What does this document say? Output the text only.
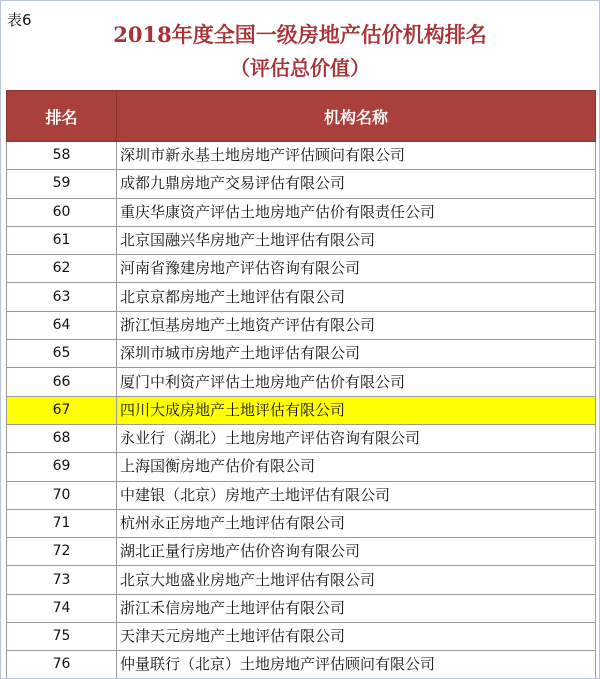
表6
2018年度全国一级房地产估价机构排名
（评估总价值）
排名	机构名称
58	深圳市新永基土地房地产评估顾问有限公司
59	成都九鼎房地产交易评估有限公司
60	重庆华康资产评估土地房地产估价有限责任公司
61	北京国融兴华房地产土地评估有限公司
62	河南省豫建房地产评估咨询有限公司
63	北京京都房地产土地评估有限公司
64	浙江恒基房地产土地资产评估有限公司
65	深圳市城市房地产土地评估有限公司
66	厦门中利资产评估土地房地产估价有限公司
67	四川大成房地产土地评估有限公司
68	永业行（湖北）土地房地产评估咨询有限公司
69	上海国衡房地产估价有限公司
70	中建银（北京）房地产土地评估有限公司
71	杭州永正房地产土地评估有限公司
72	湖北正量行房地产估价咨询有限公司
73	北京大地盛业房地产土地评估有限公司
74	浙江禾信房地产土地评估有限公司
75	天津天元房地产土地评估有限公司
76	仲量联行（北京）土地房地产评估顾问有限公司
